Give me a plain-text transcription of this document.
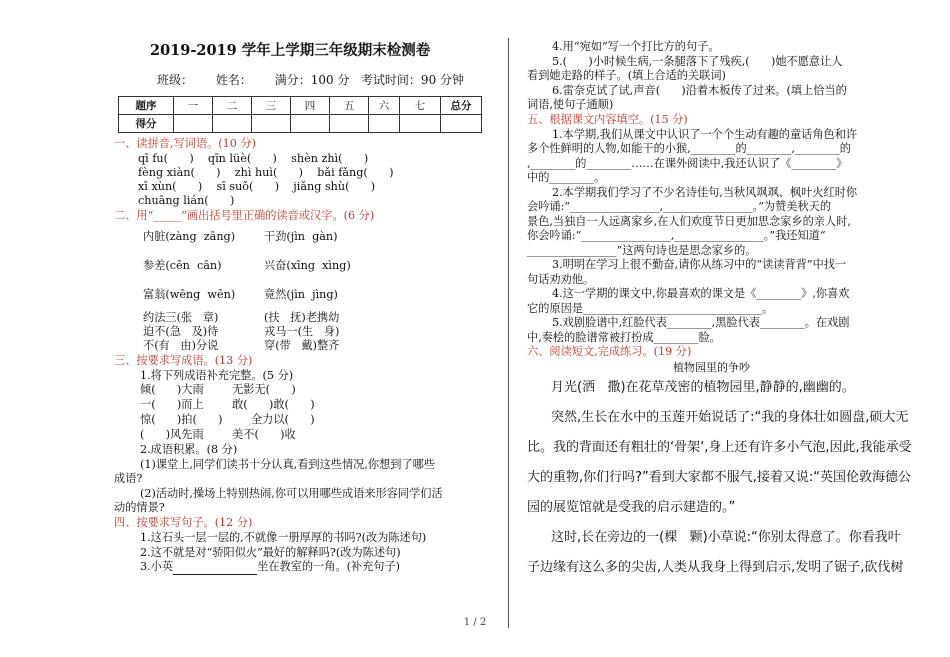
2019-2019 学年上学期三年级期末检测卷
班级：      姓名：      满分：100 分   考试时间：90 分钟
题序	一	二	三	四	五	六	七	总分
得分								
一、读拼音,写词语。(10 分)
qī fu(      )    qīn lüè(      )    shèn zhì(      )
fèng xiàn(      )    zhì huì(      )    bǎi fǎng(      )
xī xùn(      )    sī suǒ(      )    jiǎng shù(      )
chuāng lián(      )
二、用“_____”画出括号里正确的读音或汉字。(6 分)
内脏(zàng  zāng)	干劲(jìn  gàn)
参差(cēn  cān)	兴奋(xīng  xìng)
富翁(wēng  wēn)	竟然(jìn  jìng)
约法三(张   章)	(扶   抚)老携幼
迫不(急   及)待	戎马一(生   身)
不(有   由)分说	穿(带   戴)整齐
三、按要求写成语。(13 分)
1.将下列成语补充完整。(5 分)
倾(      )大雨        无影无(      )
一(      )而上        敢(      )敢(      )
惊(      )拍(      )        全力以(      )
(      )风先雨        美不(      )收
2.成语积累。(8 分)
(1)课堂上,同学们读书十分认真,看到这些情况,你想到了哪些
成语?
(2)活动时,操场上特别热闹,你可以用哪些成语来形容同学们活
动的情景?
四、按要求写句子。(12 分)
1.这石头一层一层的,不就像一册厚厚的书吗?(改为陈述句)
2.这不就是对“骄阳似火”最好的解释吗?(改为陈述句)
3.小英	坐在教室的一角。(补充句子)
4.用“宛如”写一个打比方的句子。
5.(      )小时候生病,一条腿落下了残疾,(      )她不愿意让人
看到她走路的样子。(填上合适的关联词)
6.雷奈克试了试,声音(      )沿着木板传了过来。(填上恰当的
词语,使句子通顺)
五、根据课文内容填空。(15 分)
1.本学期,我们从课文中认识了一个个生动有趣的童话角色和许
多个性鲜明的人物,如能干的小猴,________的________,________的
,________的________……在课外阅读中,我还认识了《________》
中的________。
2.本学期我们学习了不少名诗佳句,当秋风飒飒、枫叶火红时你
会吟诵:“________________,________________。”为赞美秋天的
景色,当独自一人远离家乡,在人们欢度节日更加思念家乡的亲人时,
你会吟诵:“________________,________________。”我还知道“
________________”这两句诗也是思念家乡的。
3.明明在学习上很不勤奋,请你从练习中的“读读背背”中找一
句话劝劝他。
4.这一学期的课文中,你最喜欢的课文是《________》,你喜欢
它的原因是________________________________。
5.戏剧脸谱中,红脸代表________,黑脸代表________。在戏剧
中,奏桧的脸谱常被打扮成________脸。
六、阅读短文,完成练习。(19 分)
植物园里的争吵
月光(洒   撒)在花草茂密的植物园里,静静的,幽幽的。
突然,生长在水中的玉莲开始说话了:“我的身体壮如圆盘,硕大无
比。我的背面还有粗壮的‘骨架’,身上还有许多小气泡,因此,我能承受
大的重物,你们行吗?”看到大家都不服气,接着又说:“英国伦敦海德公
园的展览馆就是受我的启示建造的。”
这时,长在旁边的一(棵   颗)小草说:“你别太得意了。你看我叶
子边缘有这么多的尖齿,人类从我身上得到启示,发明了锯子,砍伐树
1 / 2
